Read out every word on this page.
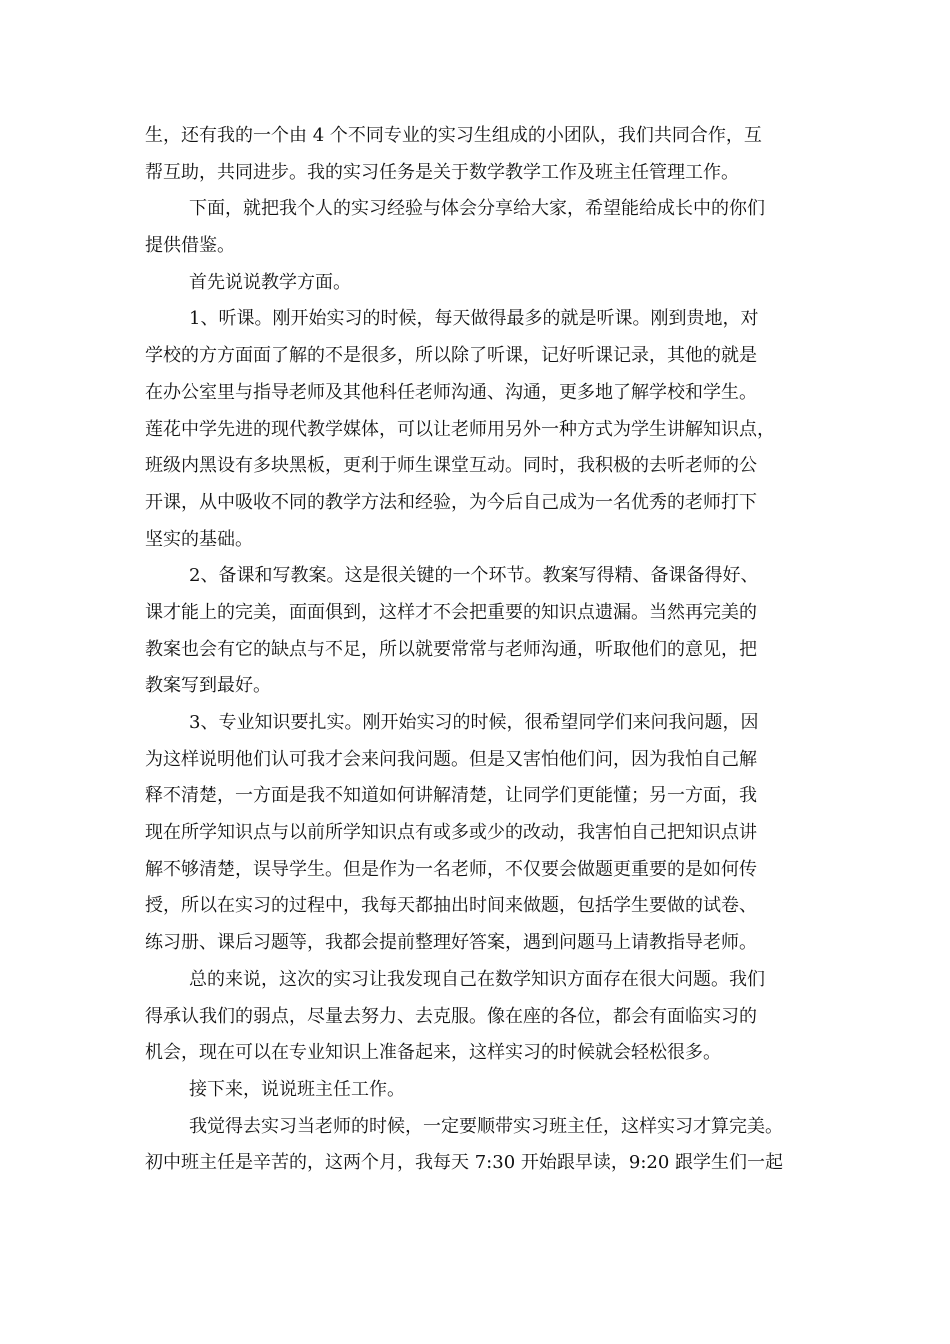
生，还有我的一个由 4 个不同专业的实习生组成的小团队，我们共同合作，互
帮互助，共同进步。我的实习任务是关于数学教学工作及班主任管理工作。
下面，就把我个人的实习经验与体会分享给大家，希望能给成长中的你们
提供借鉴。
首先说说教学方面。
1、听课。刚开始实习的时候，每天做得最多的就是听课。刚到贵地，对
学校的方方面面了解的不是很多，所以除了听课，记好听课记录，其他的就是
在办公室里与指导老师及其他科任老师沟通、沟通，更多地了解学校和学生。
莲花中学先进的现代教学媒体，可以让老师用另外一种方式为学生讲解知识点，
班级内黑设有多块黑板，更利于师生课堂互动。同时，我积极的去听老师的公
开课，从中吸收不同的教学方法和经验，为今后自己成为一名优秀的老师打下
坚实的基础。
2、备课和写教案。这是很关键的一个环节。教案写得精、备课备得好、
课才能上的完美，面面俱到，这样才不会把重要的知识点遗漏。当然再完美的
教案也会有它的缺点与不足，所以就要常常与老师沟通，听取他们的意见，把
教案写到最好。
3、专业知识要扎实。刚开始实习的时候，很希望同学们来问我问题，因
为这样说明他们认可我才会来问我问题。但是又害怕他们问，因为我怕自己解
释不清楚，一方面是我不知道如何讲解清楚，让同学们更能懂；另一方面，我
现在所学知识点与以前所学知识点有或多或少的改动，我害怕自己把知识点讲
解不够清楚，误导学生。但是作为一名老师，不仅要会做题更重要的是如何传
授，所以在实习的过程中，我每天都抽出时间来做题，包括学生要做的试卷、
练习册、课后习题等，我都会提前整理好答案，遇到问题马上请教指导老师。
总的来说，这次的实习让我发现自己在数学知识方面存在很大问题。我们
得承认我们的弱点，尽量去努力、去克服。像在座的各位，都会有面临实习的
机会，现在可以在专业知识上准备起来，这样实习的时候就会轻松很多。
接下来，说说班主任工作。
我觉得去实习当老师的时候，一定要顺带实习班主任，这样实习才算完美。
初中班主任是辛苦的，这两个月，我每天 7:30 开始跟早读，9:20 跟学生们一起
